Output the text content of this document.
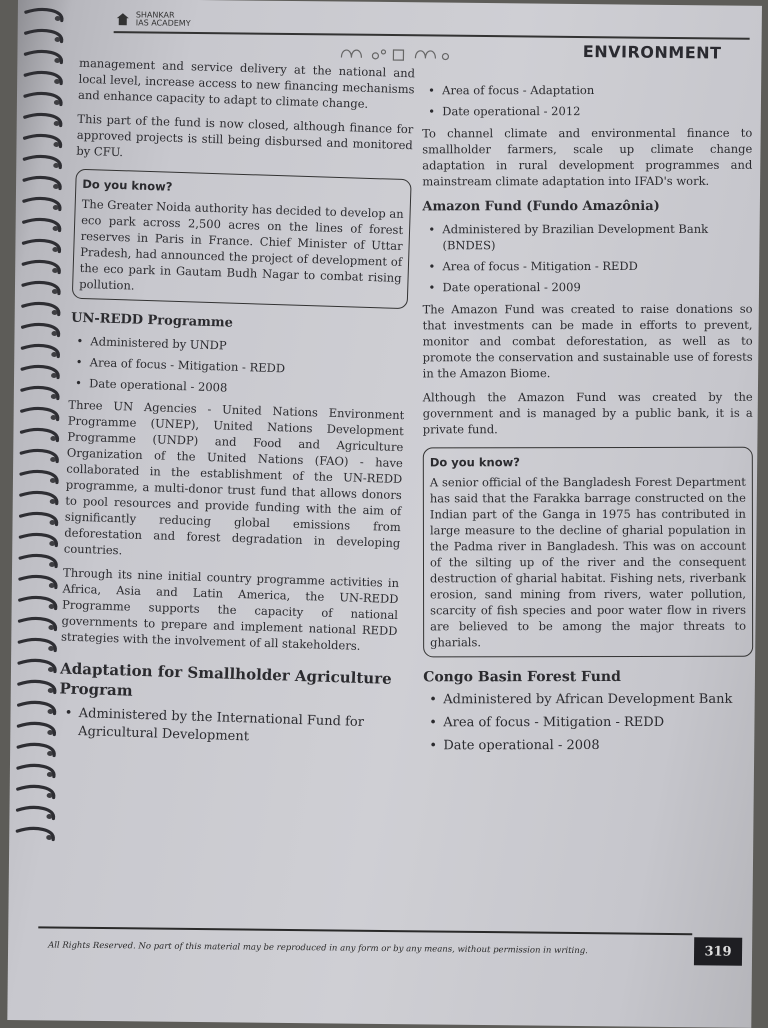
SHANKAR
IAS ACADEMY
ENVIRONMENT

management and service delivery at the national and local level, increase access to new financing mechanisms and enhance capacity to adapt to climate change.

This part of the fund is now closed, although finance for approved projects is still being disbursed and monitored by CFU.

Do you know?

The Greater Noida authority has decided to develop an eco park across 2,500 acres on the lines of forest reserves in Paris in France. Chief Minister of Uttar Pradesh, had announced the project of development of the eco park in Gautam Budh Nagar to combat rising pollution.

UN-REDD Programme
• Administered by UNDP
• Area of focus - Mitigation - REDD
• Date operational - 2008

Three UN Agencies - United Nations Environment Programme (UNEP), United Nations Development Programme (UNDP) and Food and Agriculture Organization of the United Nations (FAO) - have collaborated in the establishment of the UN-REDD programme, a multi-donor trust fund that allows donors to pool resources and provide funding with the aim of significantly reducing global emissions from deforestation and forest degradation in developing countries.

Through its nine initial country programme activities in Africa, Asia and Latin America, the UN-REDD Programme supports the capacity of national governments to prepare and implement national REDD strategies with the involvement of all stakeholders.

Adaptation for Smallholder Agriculture Program
• Administered by the International Fund for Agricultural Development
• Area of focus - Adaptation
• Date operational - 2012

To channel climate and environmental finance to smallholder farmers, scale up climate change adaptation in rural development programmes and mainstream climate adaptation into IFAD's work.

Amazon Fund (Fundo Amazônia)
• Administered by Brazilian Development Bank (BNDES)
• Area of focus - Mitigation - REDD
• Date operational - 2009

The Amazon Fund was created to raise donations so that investments can be made in efforts to prevent, monitor and combat deforestation, as well as to promote the conservation and sustainable use of forests in the Amazon Biome.

Although the Amazon Fund was created by the government and is managed by a public bank, it is a private fund.

Do you know?

A senior official of the Bangladesh Forest Department has said that the Farakka barrage constructed on the Indian part of the Ganga in 1975 has contributed in large measure to the decline of gharial population in the Padma river in Bangladesh. This was on account of the silting up of the river and the consequent destruction of gharial habitat. Fishing nets, riverbank erosion, sand mining from rivers, water pollution, scarcity of fish species and poor water flow in rivers are believed to be among the major threats to gharials.

Congo Basin Forest Fund
• Administered by African Development Bank
• Area of focus - Mitigation - REDD
• Date operational - 2008
All Rights Reserved. No part of this material may be reproduced in any form or by any means, without permission in writing.	319
